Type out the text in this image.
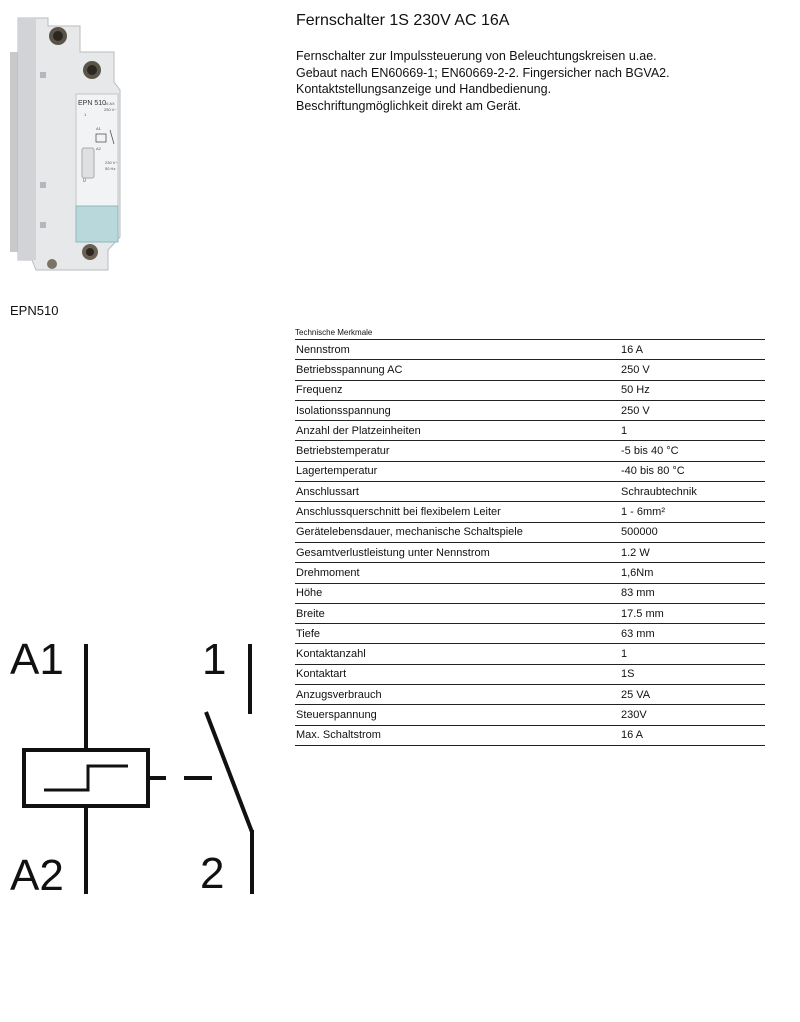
EPN 510
16 AX
250 V~
1
A1
A2
230 V~
50 Hz
0
EPN510
Fernschalter 1S 230V AC 16A

Fernschalter zur Impulssteuerung von Beleuchtungskreisen u.ae. Gebaut nach EN60669-1; EN60669-2-2. Fingersicher nach BGVA2. Kontaktstellungsanzeige und Handbedienung. Beschriftungmöglichkeit direkt am Gerät.

Technische Merkmale
Nennstrom	16 A
Betriebsspannung AC	250 V
Frequenz	50 Hz
Isolationsspannung	250 V
Anzahl der Platzeinheiten	1
Betriebstemperatur	-5 bis 40 °C
Lagertemperatur	-40 bis 80 °C
Anschlussart	Schraubtechnik
Anschlussquerschnitt bei flexibelem Leiter	1 - 6mm²
Gerätelebensdauer, mechanische Schaltspiele	500000
Gesamtverlustleistung unter Nennstrom	1.2 W
Drehmoment	1,6Nm
Höhe	83 mm
Breite	17.5 mm
Tiefe	63 mm
Kontaktanzahl	1
Kontaktart	1S
Anzugsverbrauch	25 VA
Steuerspannung	230V
Max. Schaltstrom	16 A
A1
A2
1
2
